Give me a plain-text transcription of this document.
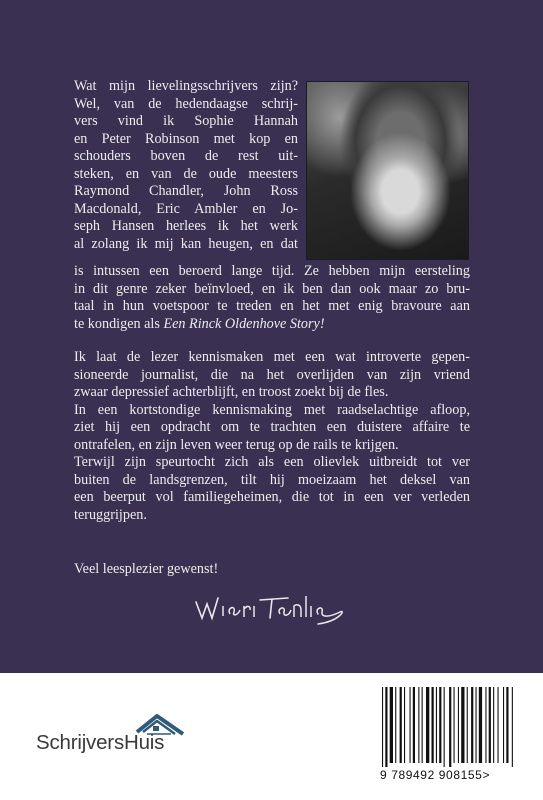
Wat mijn lievelingsschrijvers zijn?
Wel, van de hedendaagse schrij-
vers vind ik Sophie Hannah
en Peter Robinson met kop en
schouders boven de rest uit-
steken, en van de oude meesters
Raymond Chandler, John Ross
Macdonald, Eric Ambler en Jo-
seph Hansen herlees ik het werk
al zolang ik mij kan heugen, en dat
is intussen een beroerd lange tijd. Ze hebben mijn eersteling
in dit genre zeker beïnvloed, en ik ben dan ook maar zo bru-
taal in hun voetspoor te treden en het met enig bravoure aan
te kondigen als Een Rinck Oldenhove Story!
Ik laat de lezer kennismaken met een wat introverte gepen-
sioneerde journalist, die na het overlijden van zijn vriend
zwaar depressief achterblijft, en troost zoekt bij de fles.
In een kortstondige kennismaking met raadselachtige afloop,
ziet hij een opdracht om te trachten een duistere affaire te
ontrafelen, en zijn leven weer terug op de rails te krijgen.
Terwijl zijn speurtocht zich als een olievlek uitbreidt tot ver
buiten de landsgrenzen, tilt hij moeizaam het deksel van
een beerput vol familiegeheimen, die tot in een ver verleden
teruggrijpen.

Veel leesplezier gewenst!

SchrijversHuis
9 789492 908155>
